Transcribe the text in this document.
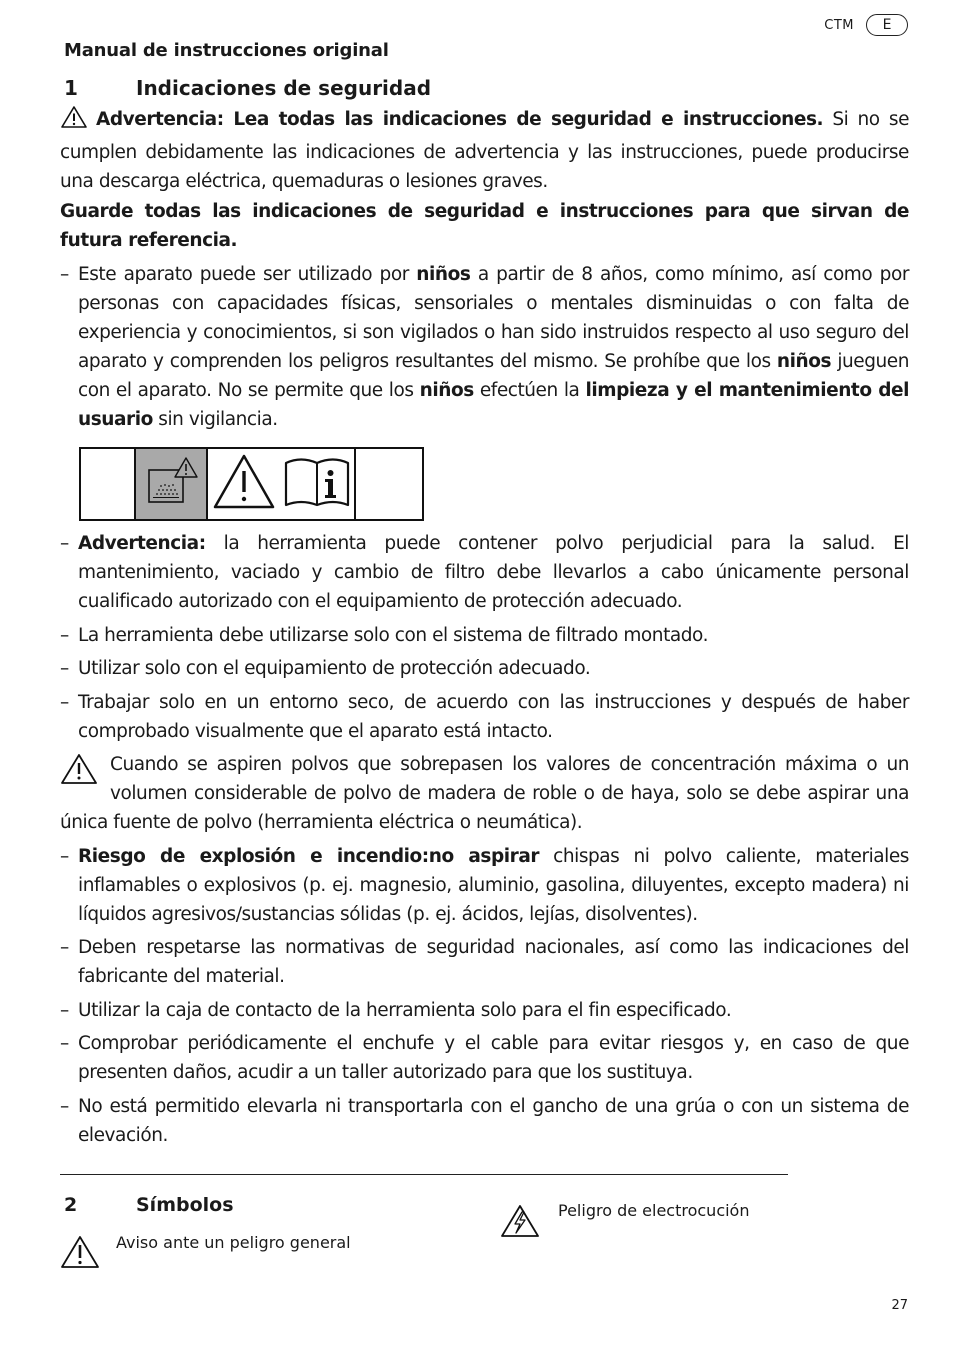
CTM	E
Manual de instrucciones original
1	Indicaciones de seguridad
Advertencia: Lea todas las indicaciones de seguridad e instrucciones. Si no se cumplen debidamente las indicaciones de advertencia y las instrucciones, puede producirse una descarga eléctrica, quemaduras o lesiones graves.
Guarde todas las indicaciones de seguridad e instrucciones para que sirvan de futura referencia.
– Este aparato puede ser utilizado por niños a partir de 8 años, como mínimo, así como por personas con capacidades físicas, sensoriales o mentales disminuidas o con falta de experiencia y conocimientos, si son vigilados o han sido instruidos respecto al uso seguro del aparato y comprenden los peligros resultantes del mismo. Se prohíbe que los niños jueguen con el aparato. No se permite que los niños efectúen la limpieza y el mantenimiento del usuario sin vigilancia.
– Advertencia: la herramienta puede contener polvo perjudicial para la salud. El mantenimiento, vaciado y cambio de filtro debe llevarlos a cabo únicamente personal cualificado autorizado con el equipamiento de protección adecuado.
– La herramienta debe utilizarse solo con el sistema de filtrado montado.
– Utilizar solo con el equipamiento de protección adecuado.
– Trabajar solo en un entorno seco, de acuerdo con las instrucciones y después de haber comprobado visualmente que el aparato está intacto.
Cuando se aspiren polvos que sobrepasen los valores de concentración máxima o un volumen considerable de polvo de madera de roble o de haya, solo se debe aspirar una única fuente de polvo (herramienta eléctrica o neumática).
– Riesgo de explosión e incendio:no aspirar chispas ni polvo caliente, materiales inflamables o explosivos (p. ej. magnesio, aluminio, gasolina, diluyentes, excepto madera) ni líquidos agresivos/sustancias sólidas (p. ej. ácidos, lejías, disolventes).
– Deben respetarse las normativas de seguridad nacionales, así como las indicaciones del fabricante del material.
– Utilizar la caja de contacto de la herramienta solo para el fin especificado.
– Comprobar periódicamente el enchufe y el cable para evitar riesgos y, en caso de que presenten daños, acudir a un taller autorizado para que los sustituya.
– No está permitido elevarla ni transportarla con el gancho de una grúa o con un sistema de elevación.
2	Símbolos
Aviso ante un peligro general
Peligro de electrocución
27
